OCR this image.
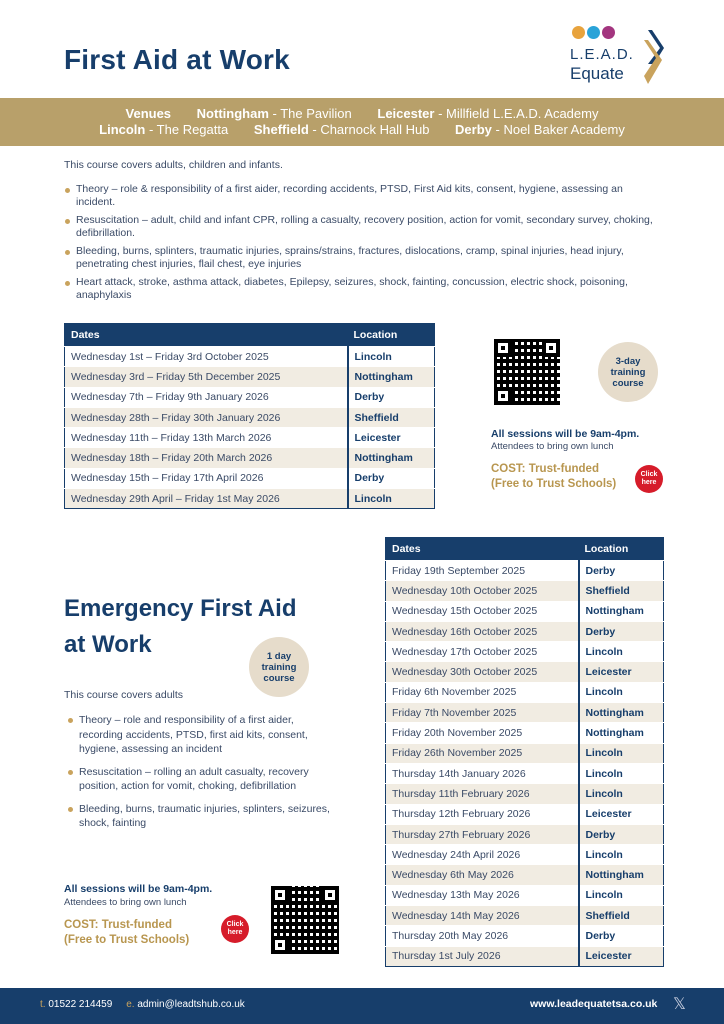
First Aid at Work	L.E.A.D.
Equate
Venues Nottingham - The Pavilion Leicester - Millfield L.E.A.D. Academy
Lincoln - The Regatta Sheffield - Charnock Hall Hub Derby - Noel Baker Academy

This course covers adults, children and infants.

Theory – role & responsibility of a first aider, recording accidents, PTSD, First Aid kits, consent, hygiene, assessing an incident.
Resuscitation – adult, child and infant CPR, rolling a casualty, recovery position, action for vomit, secondary survey, choking, defibrillation.
Bleeding, burns, splinters, traumatic injuries, sprains/strains, fractures, dislocations, cramp, spinal injuries, head injury, penetrating chest injuries, flail chest, eye injuries
Heart attack, stroke, asthma attack, diabetes, Epilepsy, seizures, shock, fainting, concussion, electric shock, poisoning, anaphylaxis
Dates	Location
Wednesday 1st – Friday 3rd October 2025	Lincoln
Wednesday 3rd – Friday 5th December 2025	Nottingham
Wednesday 7th – Friday 9th January 2026	Derby
Wednesday 28th – Friday 30th January 2026	Sheffield
Wednesday 11th – Friday 13th March 2026	Leicester
Wednesday 18th – Friday 20th March 2026	Nottingham
Wednesday 15th – Friday 17th April 2026	Derby
Wednesday 29th April – Friday 1st May 2026	Lincoln
3-day
training
course

All sessions will be 9am-4pm.

Attendees to bring own lunch

COST: Trust-funded
(Free to Trust Schools)
Click
here
Emergency First Aid
at Work	1 day
training
course

This course covers adults

Theory – role and responsibility of a first aider, recording accidents, PTSD, first aid kits, consent, hygiene, assessing an incident
Resuscitation – rolling an adult casualty, recovery position, action for vomit, choking, defibrillation
Bleeding, burns, traumatic injuries, splinters, seizures, shock, fainting

All sessions will be 9am-4pm.

Attendees to bring own lunch

COST: Trust-funded
(Free to Trust Schools)
Click
here
Dates	Location
Friday 19th September 2025	Derby
Wednesday 10th October 2025	Sheffield
Wednesday 15th October 2025	Nottingham
Wednesday 16th October 2025	Derby
Wednesday 17th October 2025	Lincoln
Wednesday 30th October 2025	Leicester
Friday 6th November 2025	Lincoln
Friday 7th November 2025	Nottingham
Friday 20th November 2025	Nottingham
Friday 26th November 2025	Lincoln
Thursday 14th January 2026	Lincoln
Thursday 11th February 2026	Lincoln
Thursday 12th February 2026	Leicester
Thursday 27th February 2026	Derby
Wednesday 24th April 2026	Lincoln
Wednesday 6th May 2026	Nottingham
Wednesday 13th May 2026	Lincoln
Wednesday 14th May 2026	Sheffield
Thursday 20th May 2026	Derby
Thursday 1st July 2026	Leicester
t. 01522 214459 e. admin@leadtshub.co.uk	www.leadequatetsa.co.uk 𝕏
